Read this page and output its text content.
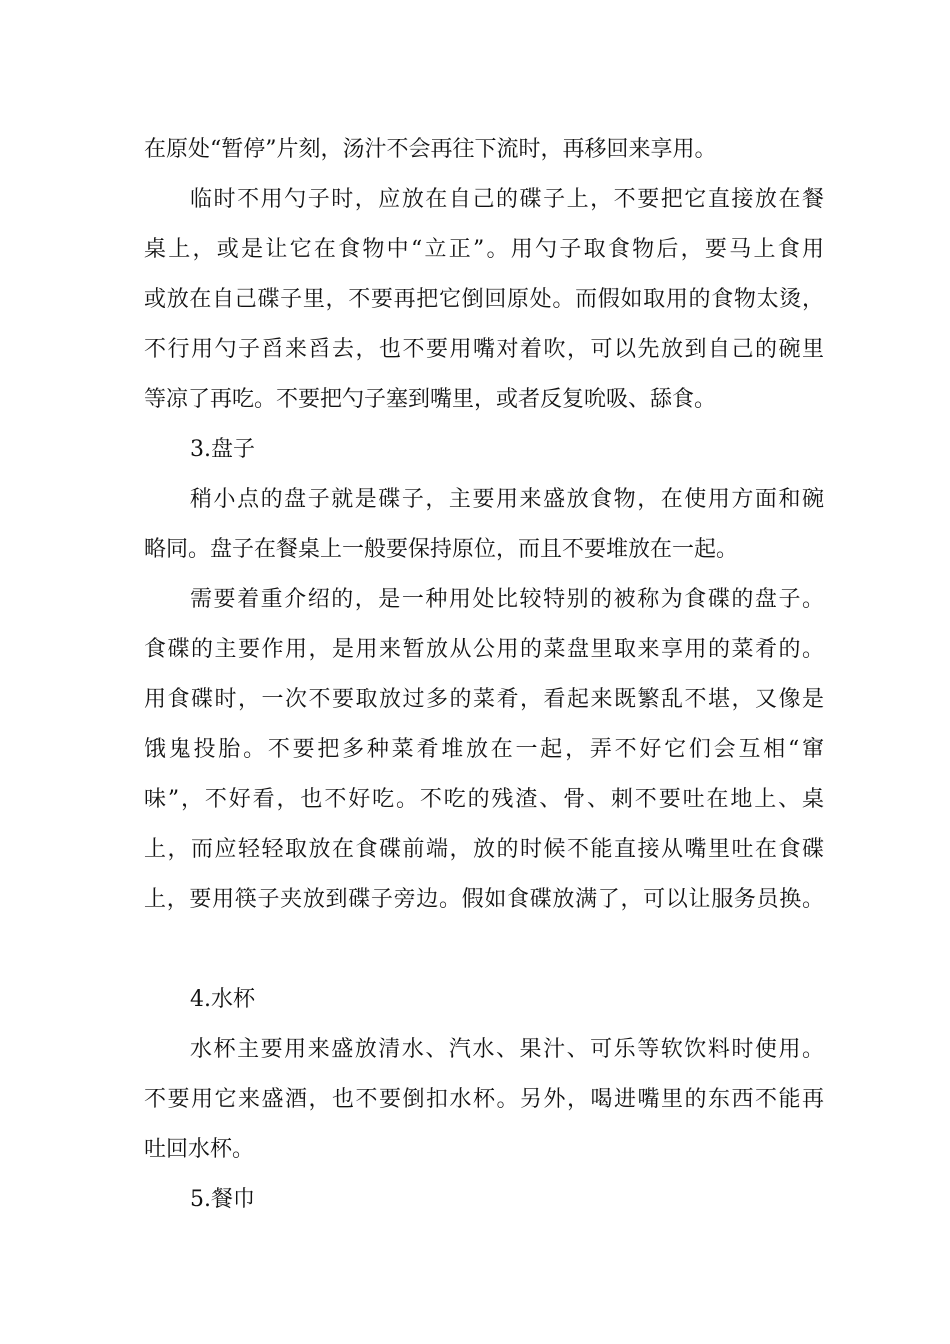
在原处“暂停”片刻，汤汁不会再往下流时，再移回来享用。

临时不用勺子时，应放在自己的碟子上，不要把它直接放在餐

桌上，或是让它在食物中“立正”。用勺子取食物后，要马上食用

或放在自己碟子里，不要再把它倒回原处。而假如取用的食物太烫，

不行用勺子舀来舀去，也不要用嘴对着吹，可以先放到自己的碗里

等凉了再吃。不要把勺子塞到嘴里，或者反复吮吸、舔食。

3.盘子

稍小点的盘子就是碟子，主要用来盛放食物，在使用方面和碗

略同。盘子在餐桌上一般要保持原位，而且不要堆放在一起。

需要着重介绍的，是一种用处比较特别的被称为食碟的盘子。

食碟的主要作用，是用来暂放从公用的菜盘里取来享用的菜肴的。

用食碟时，一次不要取放过多的菜肴，看起来既繁乱不堪，又像是

饿鬼投胎。不要把多种菜肴堆放在一起，弄不好它们会互相“窜

味”，不好看，也不好吃。不吃的残渣、骨、刺不要吐在地上、桌

上，而应轻轻取放在食碟前端，放的时候不能直接从嘴里吐在食碟

上，要用筷子夹放到碟子旁边。假如食碟放满了，可以让服务员换。

4.水杯

水杯主要用来盛放清水、汽水、果汁、可乐等软饮料时使用。

不要用它来盛酒，也不要倒扣水杯。另外，喝进嘴里的东西不能再

吐回水杯。

5.餐巾
